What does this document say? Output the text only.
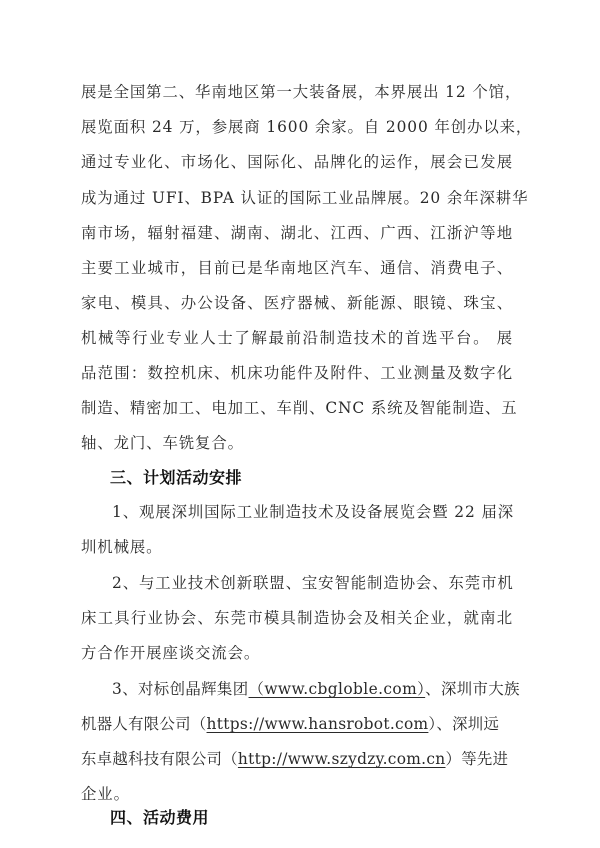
展是全国第二、华南地区第一大装备展，本界展出 12 个馆，
展览面积 24 万，参展商 1600 余家。自 2000 年创办以来，
通过专业化、市场化、国际化、品牌化的运作，展会已发展
成为通过 UFI、BPA 认证的国际工业品牌展。20 余年深耕华
南市场，辐射福建、湖南、湖北、江西、广西、江浙沪等地
主要工业城市，目前已是华南地区汽车、通信、消费电子、
家电、模具、办公设备、医疗器械、新能源、眼镜、珠宝、
机械等行业专业人士了解最前沿制造技术的首选平台。 展
品范围：数控机床、机床功能件及附件、工业测量及数字化
制造、精密加工、电加工、车削、CNC 系统及智能制造、五
轴、龙门、车铣复合。
三、计划活动安排
1、观展深圳国际工业制造技术及设备展览会暨 22 届深
圳机械展。
2、与工业技术创新联盟、宝安智能制造协会、东莞市机
床工具行业协会、东莞市模具制造协会及相关企业，就南北
方合作开展座谈交流会。
3、对标创晶辉集团（www.cbgloble.com）、深圳市大族
机器人有限公司（https://www.hansrobot.com）、深圳远
东卓越科技有限公司（http://www.szydzy.com.cn）等先进
企业。
四、活动费用
